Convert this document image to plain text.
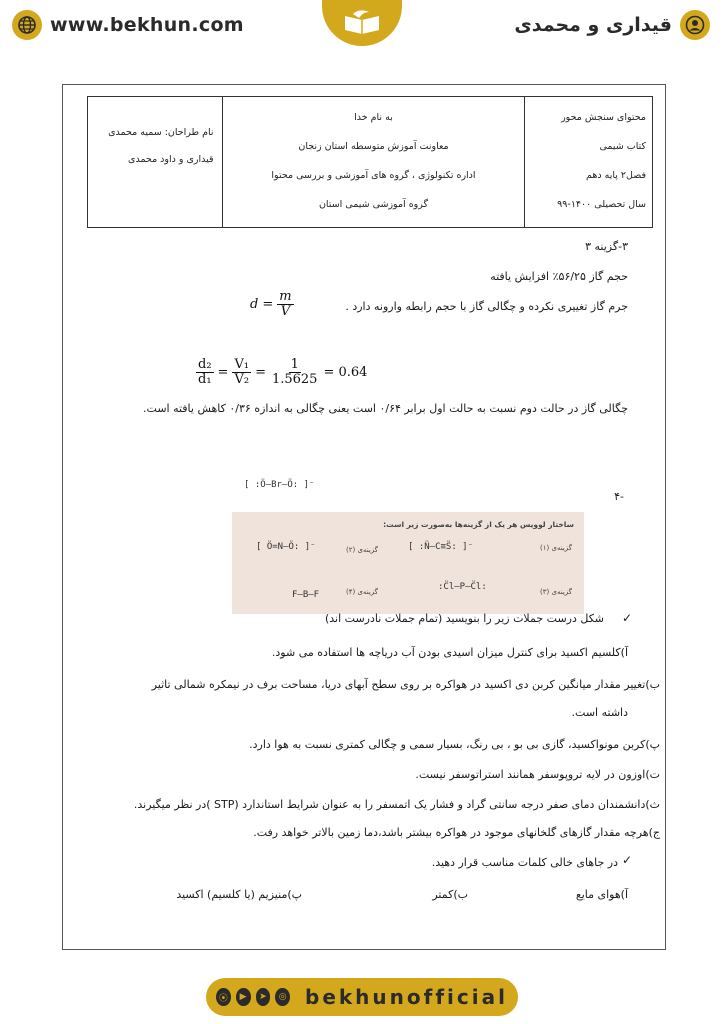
www.bekhun.com	قیداری و محمدی
محتوای سنجش محور
کتاب شیمی
فصل۲ پایه دهم
سال تحصیلی ۱۴۰۰-۹۹
به نام خدا
معاونت آموزش متوسطه استان زنجان
اداره تکنولوژی ، گروه های آموزشی و بررسی محتوا
گروه آموزشی شیمی استان
نام طراحان: سمیه محمدی
قیداری و داود محمدی
۳-گزینه ۳
حجم گاز ۵۶/۲۵٪ افزایش یافته
جرم گاز تغییری نکرده و چگالی گاز با حجم رابطه وارونه دارد .
$d = \frac{m}{V}$
$\frac{\text{d₂}}{\text{d₁}} = \frac{\text{V₁}}{\text{V₂}} = \frac{1}{1.5625} = 0.64$
چگالی گاز در حالت دوم نسبت به حالت اول برابر ۰/۶۴ است یعنی چگالی به اندازه ۰/۳۶ کاهش یافته است.
-۴
[ :Ö—Br—Ö: ]⁻
ساختار لوویس هر یک از گزینه‌ها به‌صورت زیر است:
گزینه‌ی (۱)
[ :N̈—C≡S̈: ]⁻
گزینه‌ی (۲)
[ Ö=N—Ö: ]⁻
گزینه‌ی (۳)
:C̈l—P—C̈l:
گزینه‌ی (۴)
F—B—F
✓
شکل درست جملات زیر را بنویسید (تمام جملات نادرست اند)
آ)کلسیم اکسید برای کنترل میزان اسیدی بودن آب دریاچه ها استفاده می شود.
ب)تغییر مقدار میانگین کربن دی اکسید در هواکره بر روی سطح آبهای دریا، مساحت برف در نیمکره شمالی تاثیر
داشته است.
پ)کربن مونواکسید، گازی بی بو ، بی رنگ، بسیار سمی و چگالی کمتری نسبت به هوا دارد.
ت)اوزون در لایه تروپوسفر همانند استراتوسفر نیست.
ث)دانشمندان دمای صفر درجه سانتی گراد و فشار یک اتمسفر را به عنوان شرایط استاندارد (STP )در نظر میگیرند.
ج)هرچه مقدار گازهای گلخانهای موجود در هواکره بیشتر باشد،دما زمین بالاتر خواهد رفت.
✓
در جاهای خالی کلمات مناسب قرار دهید.
آ)هوای مایع
ب)کمتر
پ)منیزیم (یا کلسیم) اکسید
⦿	▶	➤	◎ bekhunofficial
